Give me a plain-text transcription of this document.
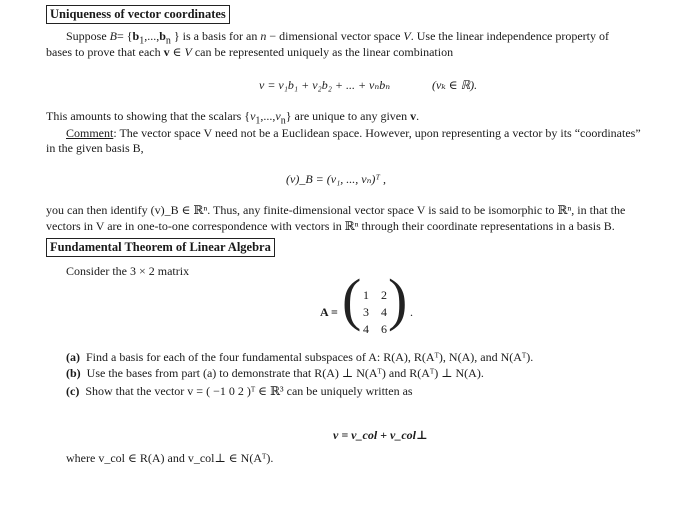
Uniqueness of vector coordinates
Suppose $B= \{b_1,...,b_n$ } is a basis for an n − dimensional vector space V. Use the linear independence property of
bases to prove that each v ∈ V can be represented uniquely as the linear combination
v = v₁b₁ + v₂b₂ + ... + vₙbₙ	(vₖ ∈ ℝ).
This amounts to showing that the scalars $\{v_1,...,v_n\}$ are unique to any given v.
Comment: The vector space V need not be a Euclidean space. However, upon representing a vector by its “coordinates”
in the given basis B,
(v)_B = (v₁, ..., vₙ)ᵀ ,
you can then identify (v)_B ∈ ℝⁿ. Thus, any finite-dimensional vector space V is said to be isomorphic to ℝⁿ, in that the
vectors in V are in one-to-one correspondence with vectors in ℝⁿ through their coordinate representations in a basis B.
Fundamental Theorem of Linear Algebra
Consider the 3 × 2 matrix
A = ( )
1 2
3 4
4 6
.
(a) Find a basis for each of the four fundamental subspaces of A: R(A), R(Aᵀ), N(A), and N(Aᵀ).
(b) Use the bases from part (a) to demonstrate that R(A) ⊥ N(Aᵀ) and R(Aᵀ) ⊥ N(A).
(c) Show that the vector v = ( −1 0 2 )ᵀ ∈ ℝ³ can be uniquely written as
v = v_col + v_col⊥
where v_col ∈ R(A) and v_col⊥ ∈ N(Aᵀ).
